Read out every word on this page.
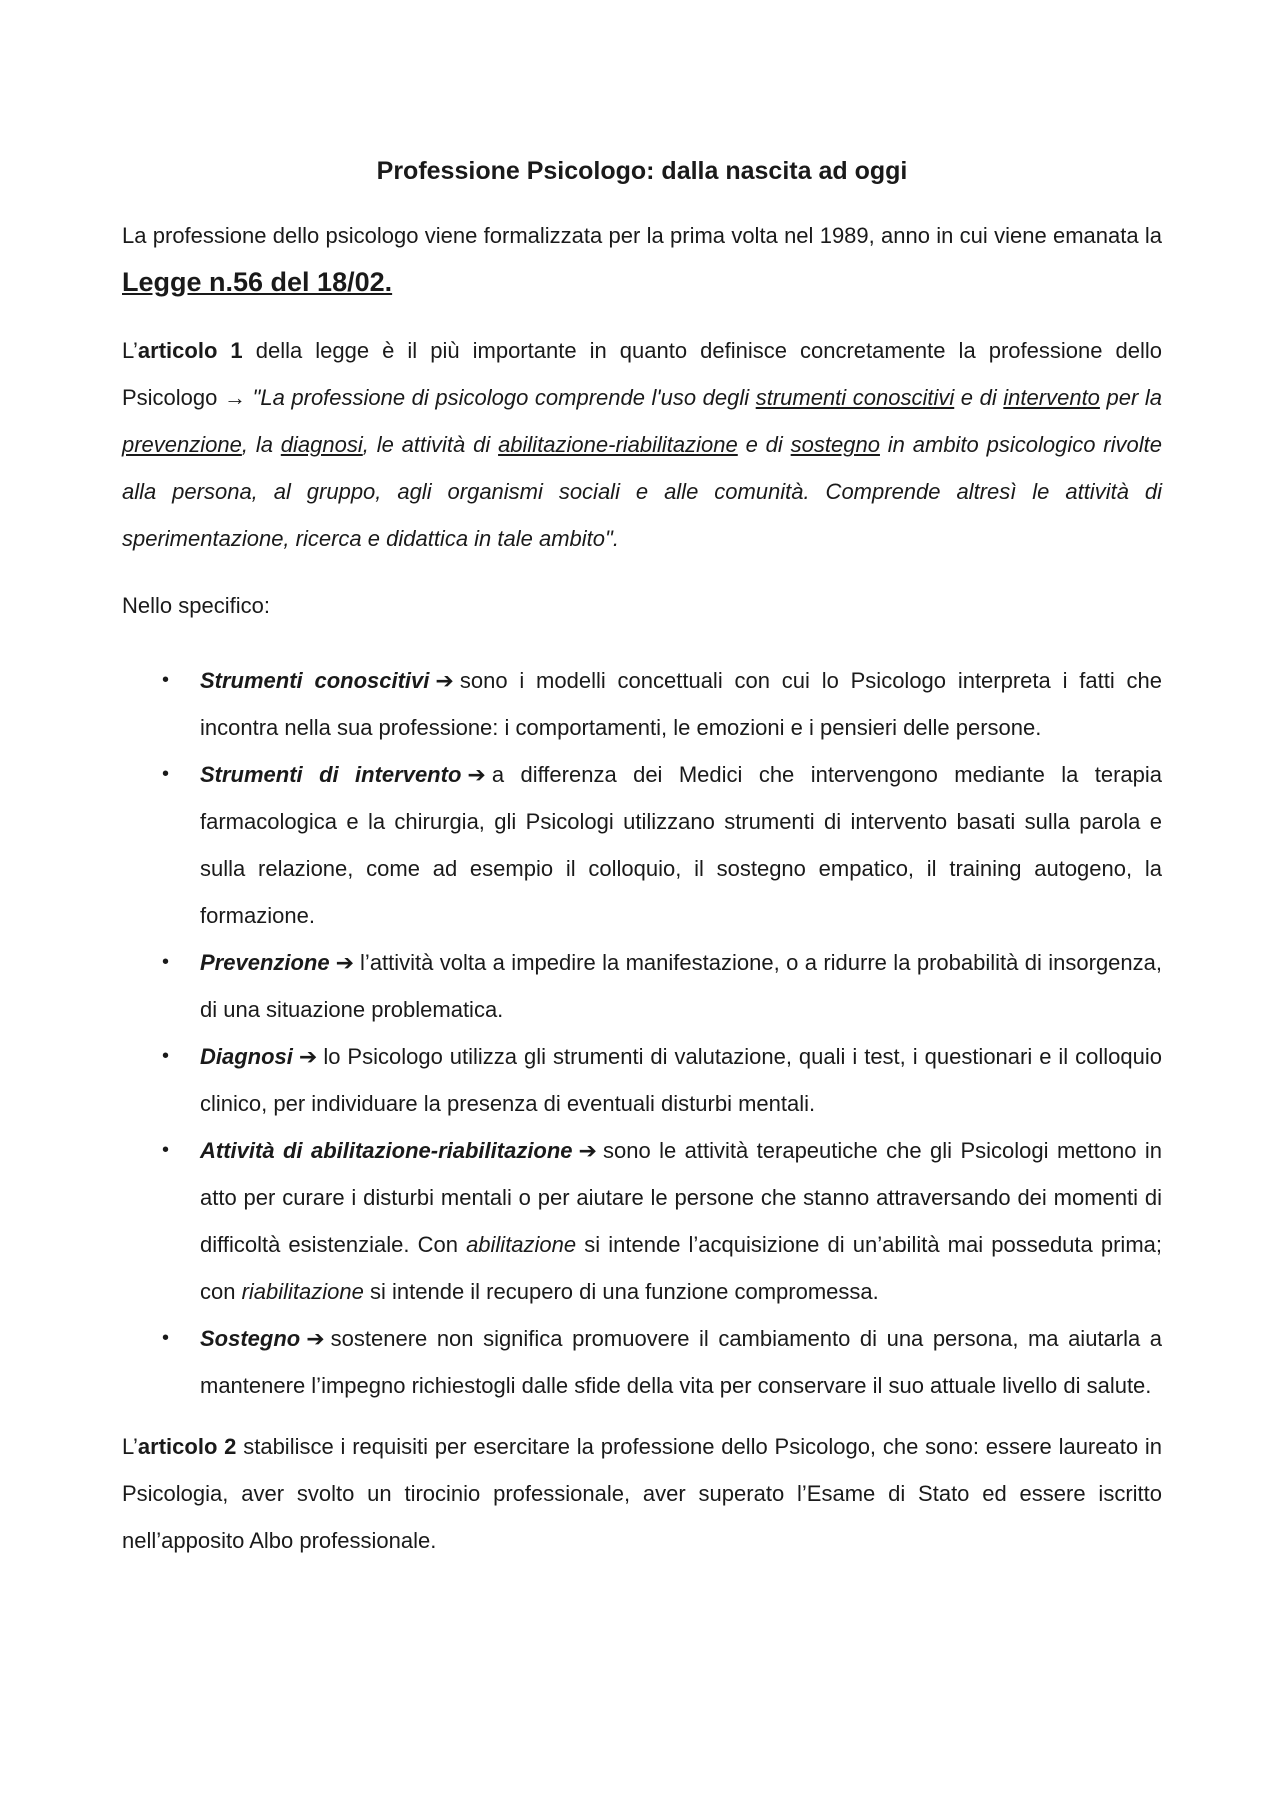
Professione Psicologo: dalla nascita ad oggi

La professione dello psicologo viene formalizzata per la prima volta nel 1989, anno in cui viene emanata la Legge n.56 del 18/02.

L’articolo 1 della legge è il più importante in quanto definisce concretamente la professione dello Psicologo → "La professione di psicologo comprende l'uso degli strumenti conoscitivi e di intervento per la prevenzione, la diagnosi, le attività di abilitazione-riabilitazione e di sostegno in ambito psicologico rivolte alla persona, al gruppo, agli organismi sociali e alle comunità. Comprende altresì le attività di sperimentazione, ricerca e didattica in tale ambito".

Nello specifico:

• Strumenti conoscitivi ➔ sono i modelli concettuali con cui lo Psicologo interpreta i fatti che incontra nella sua professione: i comportamenti, le emozioni e i pensieri delle persone.
• Strumenti di intervento ➔ a differenza dei Medici che intervengono mediante la terapia farmacologica e la chirurgia, gli Psicologi utilizzano strumenti di intervento basati sulla parola e sulla relazione, come ad esempio il colloquio, il sostegno empatico, il training autogeno, la formazione.
• Prevenzione ➔ l’attività volta a impedire la manifestazione, o a ridurre la probabilità di insorgenza, di una situazione problematica.
• Diagnosi ➔ lo Psicologo utilizza gli strumenti di valutazione, quali i test, i questionari e il colloquio clinico, per individuare la presenza di eventuali disturbi mentali.
• Attività di abilitazione-riabilitazione ➔ sono le attività terapeutiche che gli Psicologi mettono in atto per curare i disturbi mentali o per aiutare le persone che stanno attraversando dei momenti di difficoltà esistenziale. Con abilitazione si intende l’acquisizione di un’abilità mai posseduta prima; con riabilitazione si intende il recupero di una funzione compromessa.
• Sostegno ➔ sostenere non significa promuovere il cambiamento di una persona, ma aiutarla a mantenere l’impegno richiestogli dalle sfide della vita per conservare il suo attuale livello di salute.

L’articolo 2 stabilisce i requisiti per esercitare la professione dello Psicologo, che sono: essere laureato in Psicologia, aver svolto un tirocinio professionale, aver superato l’Esame di Stato ed essere iscritto nell’apposito Albo professionale.
